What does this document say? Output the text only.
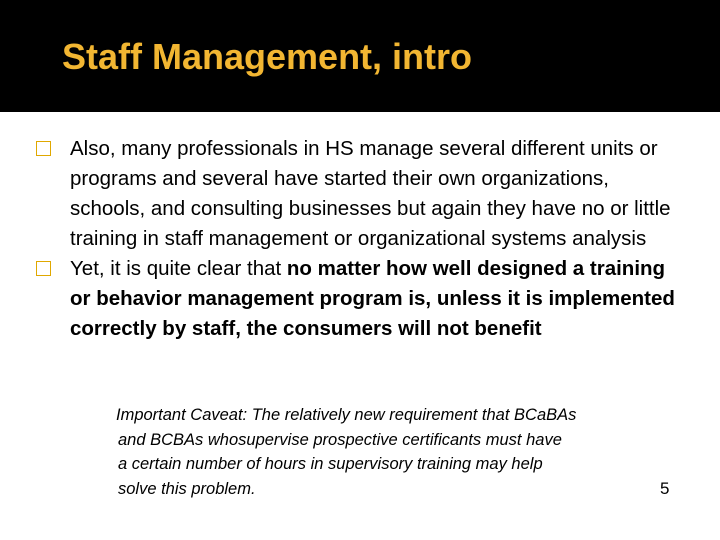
Staff Management, intro
Also, many professionals in HS manage several different units or programs and several have started their own organizations, schools, and consulting businesses but again they have no or little training in staff management or organizational systems analysis
Yet, it is quite clear that no matter how well designed a training or behavior management program is, unless it is implemented correctly by staff, the consumers will not benefit
Important Caveat: The relatively new requirement that BCaBAs
and BCBAs whosupervise prospective certificants must have
a certain number of hours in supervisory training may help
solve this problem.	5
